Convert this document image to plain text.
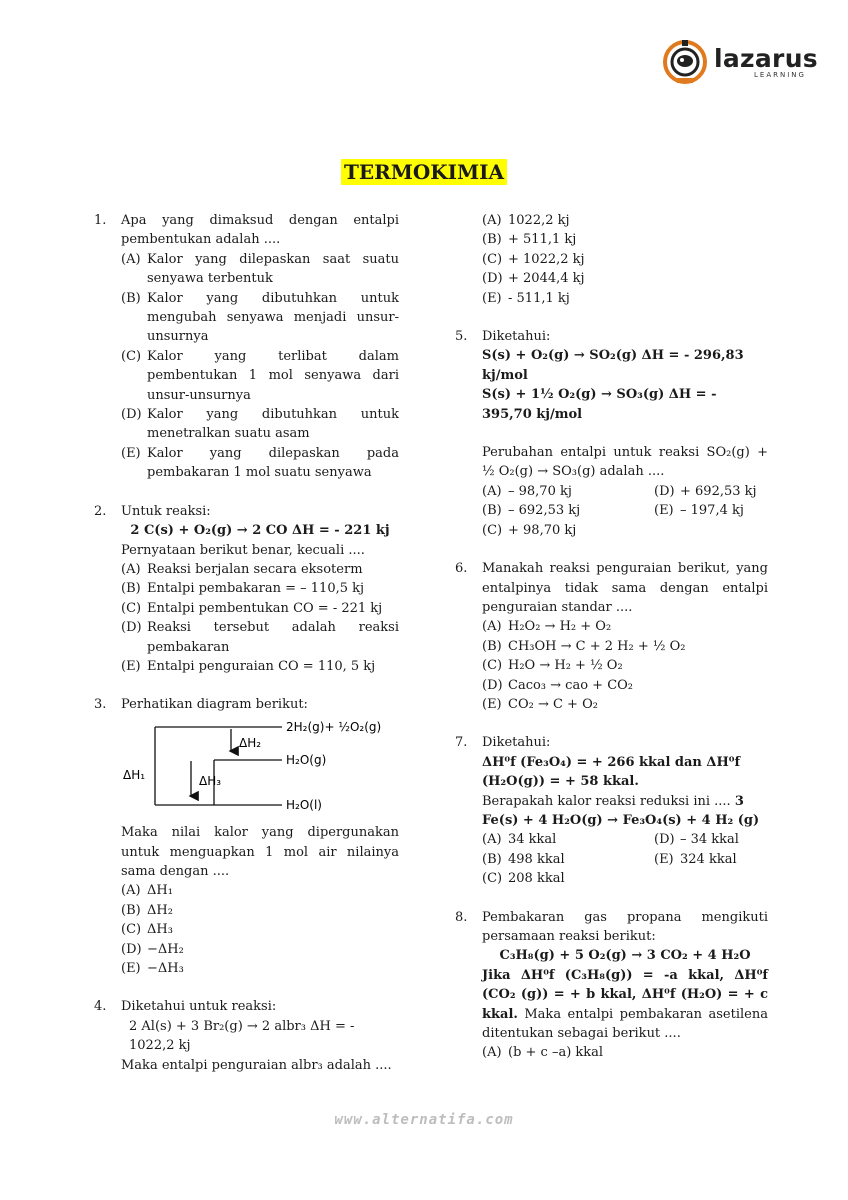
lazarus
LEARNING
TERMOKIMIA
1.	Apa yang dimaksud dengan entalpi pembentukan adalah ....
(A) Kalor yang dilepaskan saat suatu senyawa terbentuk
(B) Kalor yang dibutuhkan untuk mengubah senyawa menjadi unsur-unsurnya
(C) Kalor yang terlibat dalam pembentukan 1 mol senyawa dari unsur-unsurnya
(D) Kalor yang dibutuhkan untuk menetralkan suatu asam
(E) Kalor yang dilepaskan pada pembakaran 1 mol suatu senyawa
2.	Untuk reaksi:
2 C(s) + O₂(g) → 2 CO ΔH = - 221 kj
Pernyataan berikut benar, kecuali ....
(A) Reaksi berjalan secara eksoterm
(B) Entalpi pembakaran = – 110,5 kj
(C) Entalpi pembentukan CO = - 221 kj
(D) Reaksi tersebut adalah reaksi pembakaran
(E) Entalpi penguraian CO = 110, 5 kj
3.	Perhatikan diagram berikut:
2H₂(g)+ ½O₂(g)
H₂O(g)
H₂O(l)
ΔH₂
ΔH₃
ΔH₁
Maka nilai kalor yang dipergunakan untuk menguapkan 1 mol air nilainya sama dengan ....
(A) ΔH₁
(B) ΔH₂
(C) ΔH₃
(D) −ΔH₂
(E) −ΔH₃
4.	Diketahui untuk reaksi:
2 Al(s) + 3 Br₂(g) → 2 albr₃ ΔH = - 1022,2 kj
Maka entalpi penguraian albr₃ adalah ....
(A) 1022,2 kj
(B) + 511,1 kj
(C) + 1022,2 kj
(D) + 2044,4 kj
(E) - 511,1 kj
5.	Diketahui:
S(s) + O₂(g) → SO₂(g) ΔH = - 296,83 kj/mol
S(s) + 1½ O₂(g) → SO₃(g) ΔH = - 395,70 kj/mol
Perubahan entalpi untuk reaksi SO₂(g) + ½ O₂(g) → SO₃(g) adalah ....
(A) – 98,70 kj	(D) + 692,53 kj
(B) – 692,53 kj	(E) – 197,4 kj
(C) + 98,70 kj
6.	Manakah reaksi penguraian berikut, yang entalpinya tidak sama dengan entalpi penguraian standar ....
(A) H₂O₂ → H₂ + O₂
(B) CH₃OH → C + 2 H₂ + ½ O₂
(C) H₂O → H₂ + ½ O₂
(D) Caco₃ → cao + CO₂
(E) CO₂ → C + O₂
7.	Diketahui:
ΔH⁰f (Fe₃O₄) = + 266 kkal dan ΔH⁰f (H₂O(g)) = + 58 kkal.
Berapakah kalor reaksi reduksi ini .... 3 Fe(s) + 4 H₂O(g) → Fe₃O₄(s) + 4 H₂ (g)
(A) 34 kkal	(D) – 34 kkal
(B) 498 kkal	(E) 324 kkal
(C) 208 kkal
8.	Pembakaran gas propana mengikuti persamaan reaksi berikut:
C₃H₈(g) + 5 O₂(g) → 3 CO₂ + 4 H₂O
Jika ΔH⁰f (C₃H₈(g)) = -a kkal, ΔH⁰f (CO₂ (g)) = + b kkal, ΔH⁰f (H₂O) = + c kkal. Maka entalpi pembakaran asetilena ditentukan sebagai berikut ....
(A) (b + c –a) kkal
www.alternatifa.com
